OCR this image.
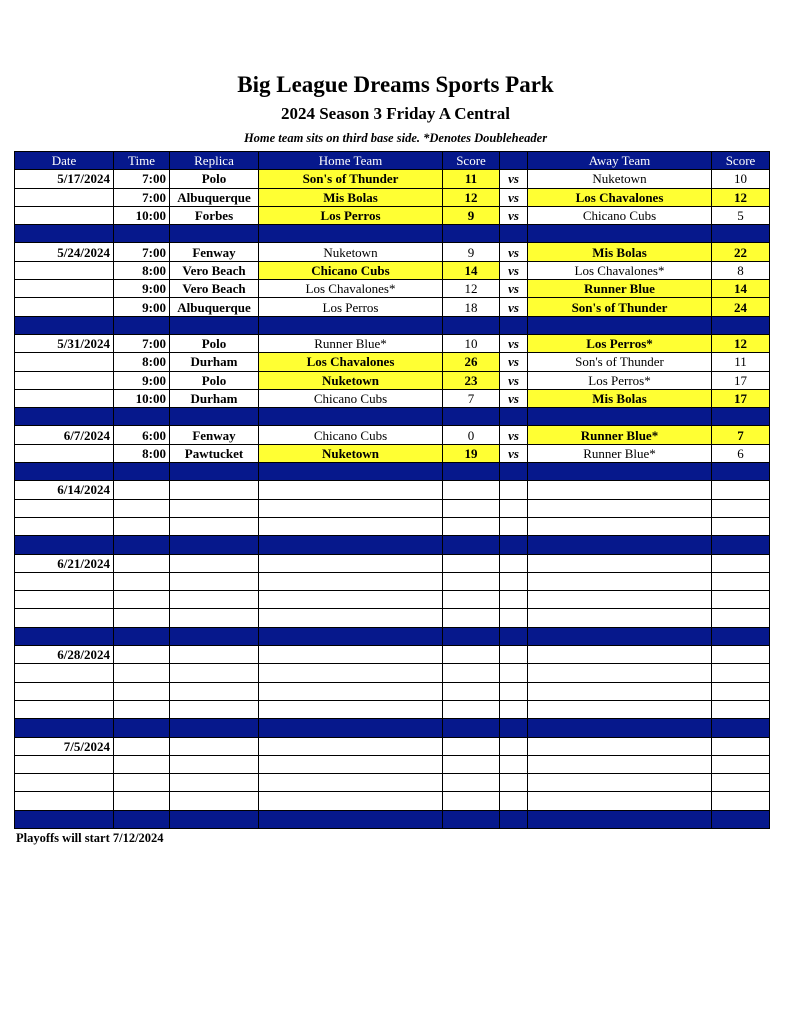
Big League Dreams Sports Park
2024 Season 3 Friday A Central
Home team sits on third base side. *Denotes Doubleheader
Date	Time	Replica	Home Team	Score		Away Team	Score
5/17/2024	7:00	Polo	Son's of Thunder	11	vs	Nuketown	10
	7:00	Albuquerque	Mis Bolas	12	vs	Los Chavalones	12
	10:00	Forbes	Los Perros	9	vs	Chicano Cubs	5

5/24/2024	7:00	Fenway	Nuketown	9	vs	Mis Bolas	22
	8:00	Vero Beach	Chicano Cubs	14	vs	Los Chavalones*	8
	9:00	Vero Beach	Los Chavalones*	12	vs	Runner Blue	14
	9:00	Albuquerque	Los Perros	18	vs	Son's of Thunder	24

5/31/2024	7:00	Polo	Runner Blue*	10	vs	Los Perros*	12
	8:00	Durham	Los Chavalones	26	vs	Son's of Thunder	11
	9:00	Polo	Nuketown	23	vs	Los Perros*	17
	10:00	Durham	Chicano Cubs	7	vs	Mis Bolas	17

6/7/2024	6:00	Fenway	Chicano Cubs	0	vs	Runner Blue*	7
	8:00	Pawtucket	Nuketown	19	vs	Runner Blue*	6

6/14/2024							

6/21/2024							

6/28/2024							

7/5/2024							

Playoffs will start 7/12/2024
